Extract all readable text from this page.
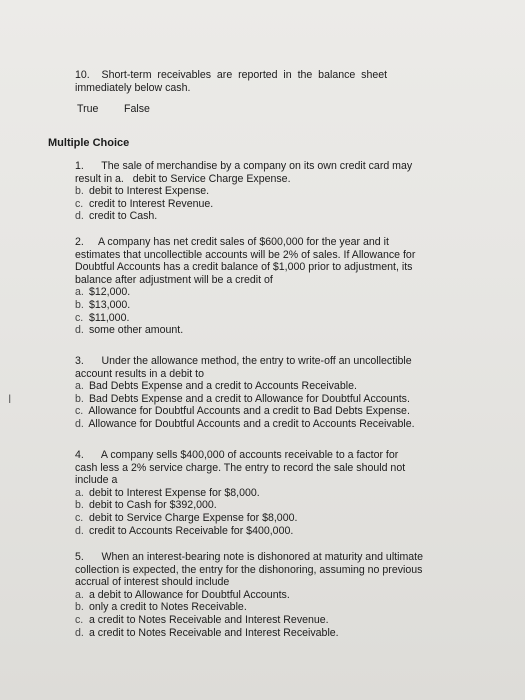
10.    Short-term  receivables  are  reported  in  the  balance  sheet
immediately below cash.
True False
Multiple Choice
1.      The sale of merchandise by a company on its own credit card may
result in a.   debit to Service Charge Expense.
b. debit to Interest Expense.
c. credit to Interest Revenue.
d. credit to Cash.
2.     A company has net credit sales of $600,000 for the year and it
estimates that uncollectible accounts will be 2% of sales. If Allowance for
Doubtful Accounts has a credit balance of $1,000 prior to adjustment, its
balance after adjustment will be a credit of
a. $12,000.
b. $13,000.
c. $11,000.
d. some other amount.
3.      Under the allowance method, the entry to write-off an uncollectible
account results in a debit to
a. Bad Debts Expense and a credit to Accounts Receivable.
b. Bad Debts Expense and a credit to Allowance for Doubtful Accounts.
c. Allowance for Doubtful Accounts and a credit to Bad Debts Expense.
d. Allowance for Doubtful Accounts and a credit to Accounts Receivable.
I
4.      A company sells $400,000 of accounts receivable to a factor for
cash less a 2% service charge. The entry to record the sale should not
include a
a. debit to Interest Expense for $8,000.
b. debit to Cash for $392,000.
c. debit to Service Charge Expense for $8,000.
d. credit to Accounts Receivable for $400,000.
5.      When an interest-bearing note is dishonored at maturity and ultimate
collection is expected, the entry for the dishonoring, assuming no previous
accrual of interest should include
a. a debit to Allowance for Doubtful Accounts.
b. only a credit to Notes Receivable.
c. a credit to Notes Receivable and Interest Revenue.
d. a credit to Notes Receivable and Interest Receivable.
